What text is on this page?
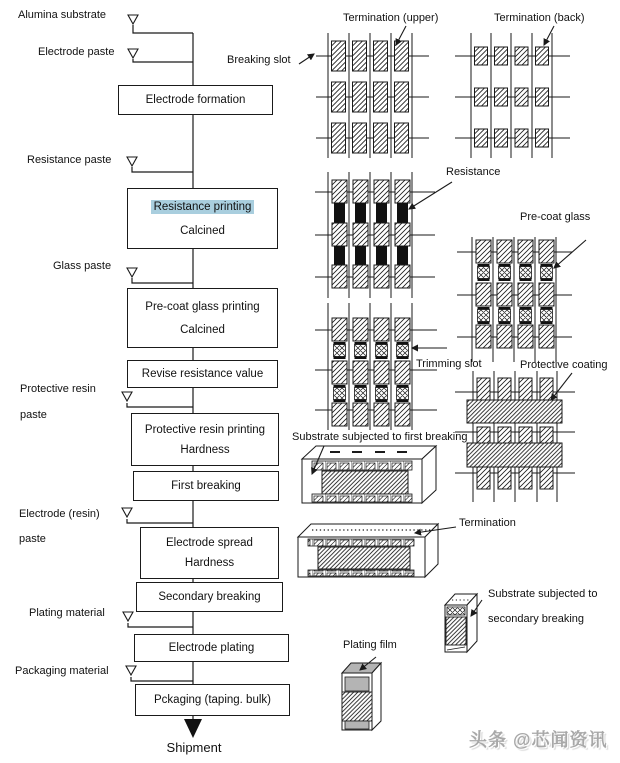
Alumina substrate
Electrode paste
Resistance paste
Glass paste
Protective resin
paste
Electrode (resin)
paste
Plating material
Packaging material
Electrode formation
Resistance printing
Calcined
Pre-coat glass printing
Calcined
Revise resistance value
Protective resin printing
Hardness
First breaking
Electrode spread
Hardness
Secondary breaking
Electrode plating
Pckaging (taping. bulk)
Shipment
Termination (upper)	Termination (back)
Breaking slot
Resistance
Pre-coat glass
Trimming slot	Protective coating
Substrate subjected to first breaking
Termination
Substrate subjected to
secondary breaking
Plating film
头条 @芯闻资讯
